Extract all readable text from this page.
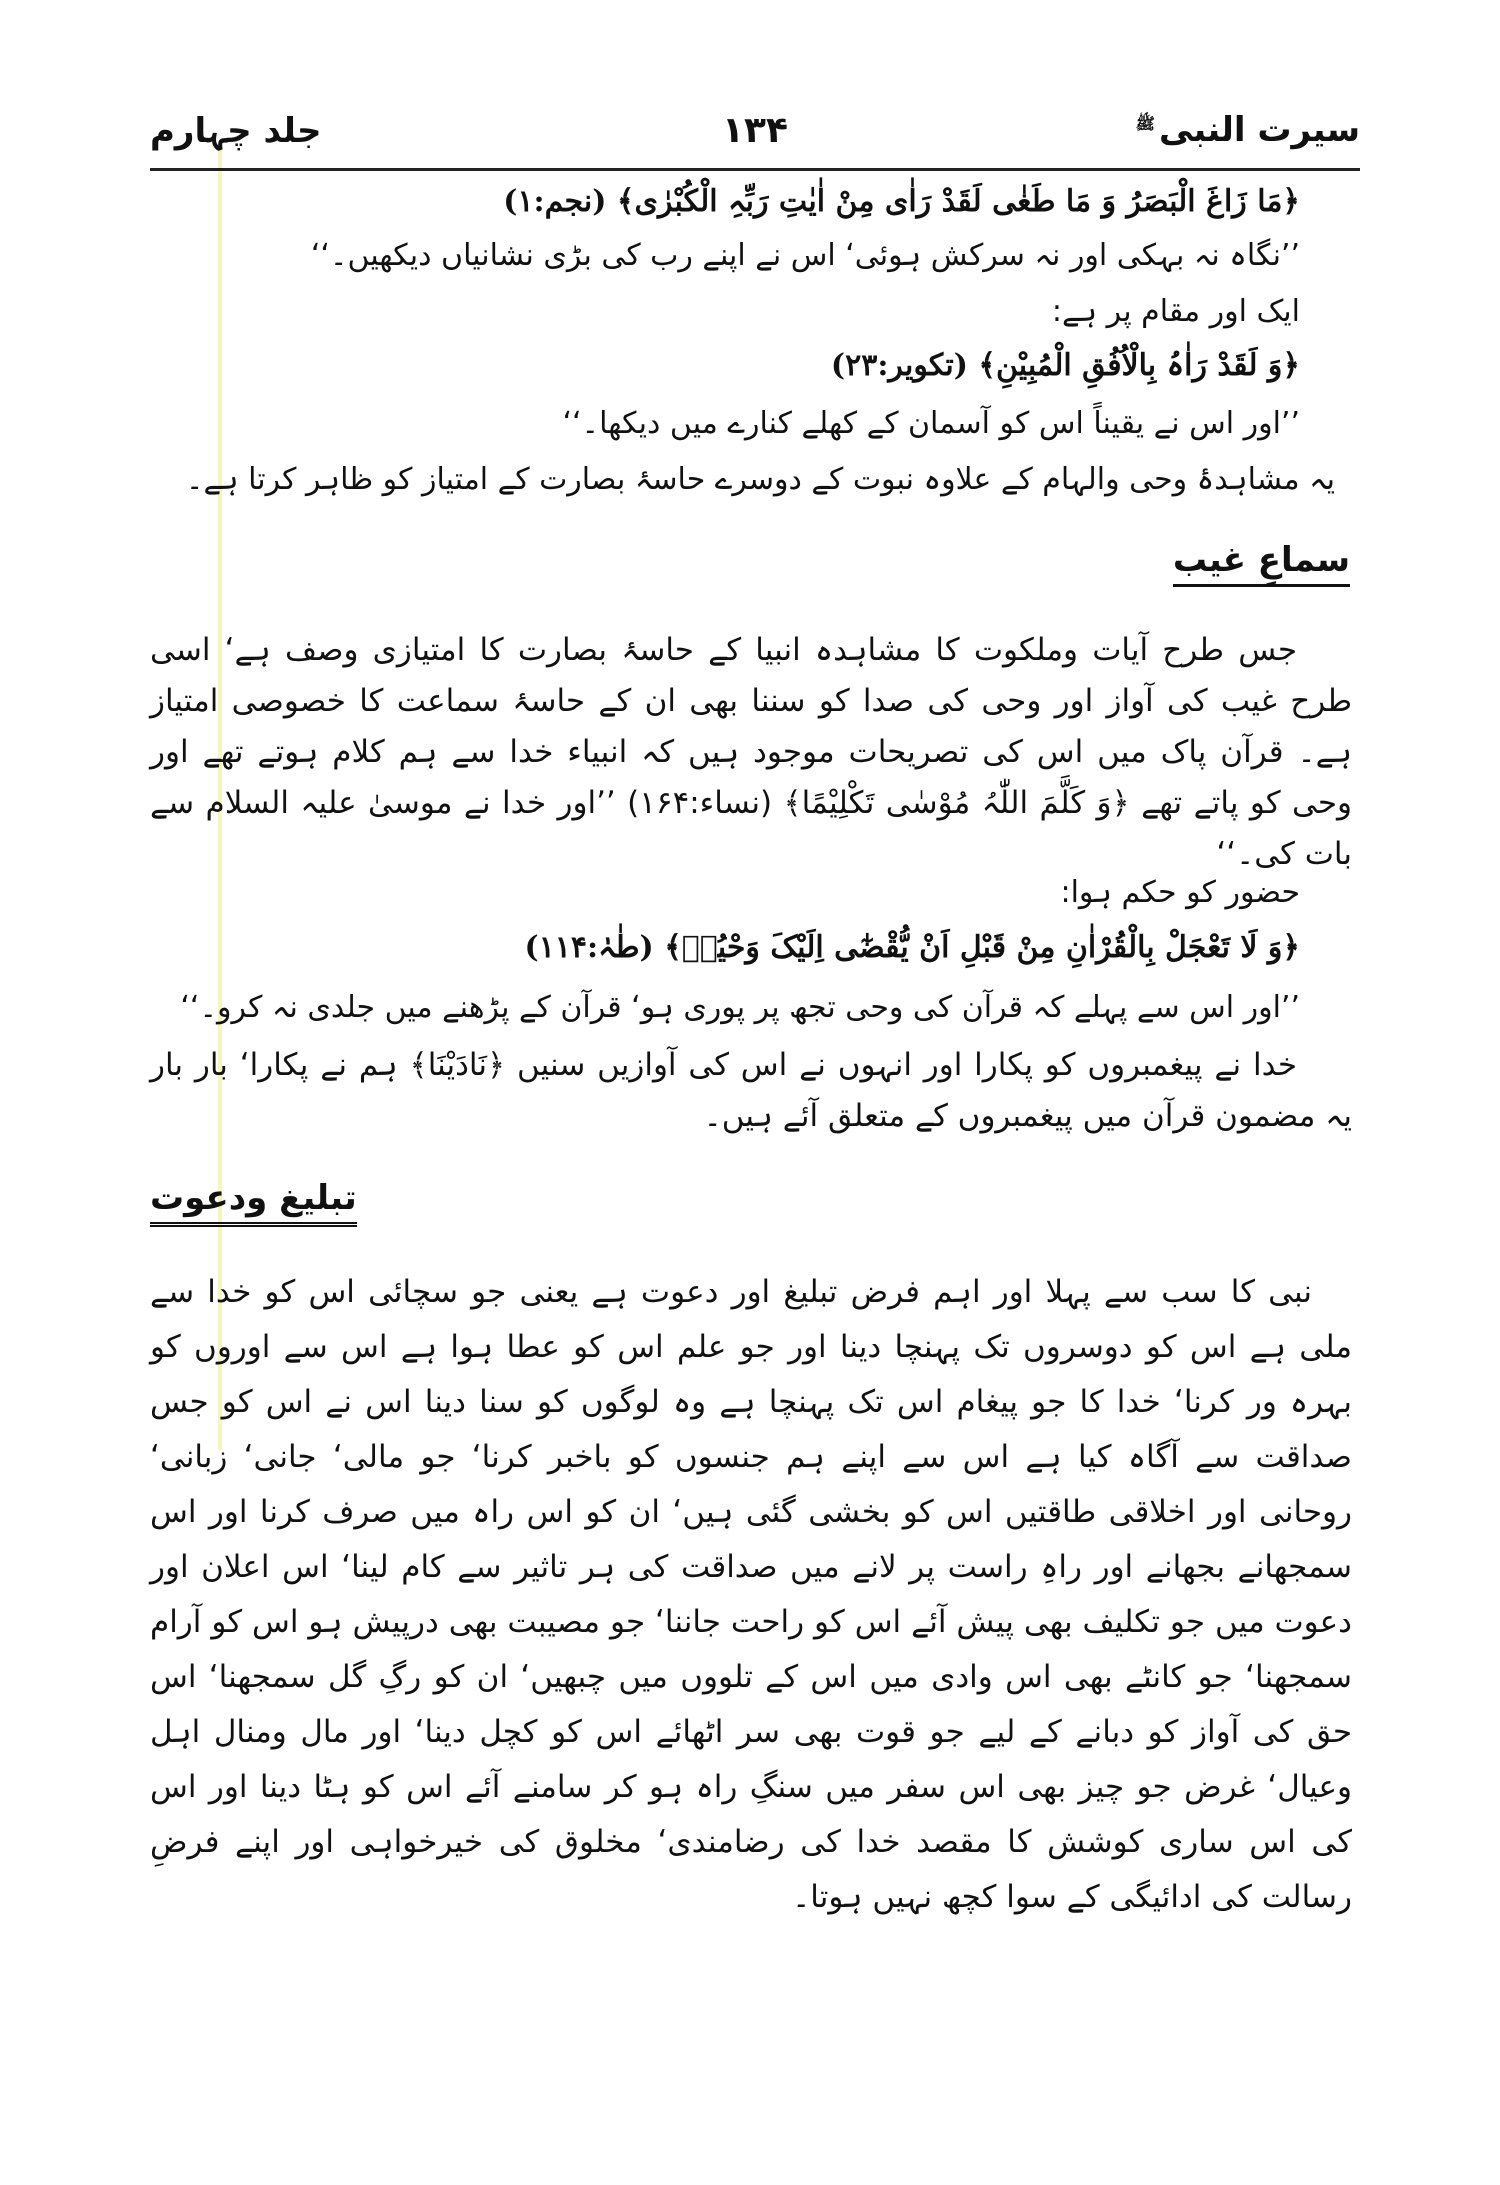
سیرت النبی$^ﷺ$
۱۳۴
جلد چہارم
﴿مَا زَاغَ الْبَصَرُ وَ مَا طَغٰی لَقَدْ رَاٰی مِنْ اٰیٰتِ رَبِّہِ الْکُبْرٰی﴾ (نجم:۱)
’’نگاہ نہ بہکی اور نہ سرکش ہوئی‘ اس نے اپنے رب کی بڑی نشانیاں دیکھیں۔‘‘
ایک اور مقام پر ہے:
﴿وَ لَقَدْ رَاٰہُ بِالْاُفُقِ الْمُبِیْنِ﴾ (تکویر:۲۳)
’’اور اس نے یقیناً اس کو آسمان کے کھلے کنارے میں دیکھا۔‘‘
یہ مشاہدۂ وحی والہام کے علاوہ نبوت کے دوسرے حاسۂ بصارت کے امتیاز کو ظاہر کرتا ہے۔
سماعِ غیب
جس طرح آیات وملکوت کا مشاہدہ انبیا کے حاسۂ بصارت کا امتیازی وصف ہے‘ اسی طرح غیب کی آواز اور وحی کی صدا کو سننا بھی ان کے حاسۂ سماعت کا خصوصی امتیاز ہے۔ قرآن پاک میں اس کی تصریحات موجود ہیں کہ انبیاء خدا سے ہم کلام ہوتے تھے اور وحی کو پاتے تھے ﴿وَ کَلَّمَ اللّٰہُ مُوْسٰی تَکْلِیْمًا﴾ (نساء:۱۶۴) ’’اور خدا نے موسیٰ علیہ السلام سے بات کی۔‘‘
حضور کو حکم ہوا:
﴿وَ لَا تَعْجَلْ بِالْقُرْاٰنِ مِنْ قَبْلِ اَنْ یُّقْضٰٓی اِلَیْکَ وَحْیُہٗ﴾ (طٰہٰ:۱۱۴)
’’اور اس سے پہلے کہ قرآن کی وحی تجھ پر پوری ہو‘ قرآن کے پڑھنے میں جلدی نہ کرو۔‘‘
خدا نے پیغمبروں کو پکارا اور انہوں نے اس کی آوازیں سنیں ﴿نَادَیْنَا﴾ ہم نے پکارا‘ بار بار یہ مضمون قرآن میں پیغمبروں کے متعلق آئے ہیں۔
تبلیغ ودعوت
نبی کا سب سے پہلا اور اہم فرض تبلیغ اور دعوت ہے یعنی جو سچائی اس کو خدا سے ملی ہے اس کو دوسروں تک پہنچا دینا اور جو علم اس کو عطا ہوا ہے اس سے اوروں کو بہرہ ور کرنا‘ خدا کا جو پیغام اس تک پہنچا ہے وہ لوگوں کو سنا دینا اس نے اس کو جس صداقت سے آگاہ کیا ہے اس سے اپنے ہم جنسوں کو باخبر کرنا‘ جو مالی‘ جانی‘ زبانی‘ روحانی اور اخلاقی طاقتیں اس کو بخشی گئی ہیں‘ ان کو اس راہ میں صرف کرنا اور اس سمجھانے بجھانے اور راہِ راست پر لانے میں صداقت کی ہر تاثیر سے کام لینا‘ اس اعلان اور دعوت میں جو تکلیف بھی پیش آئے اس کو راحت جاننا‘ جو مصیبت بھی درپیش ہو اس کو آرام سمجھنا‘ جو کانٹے بھی اس وادی میں اس کے تلووں میں چبھیں‘ ان کو رگِ گل سمجھنا‘ اس حق کی آواز کو دبانے کے لیے جو قوت بھی سر اٹھائے اس کو کچل دینا‘ اور مال ومنال اہل وعیال‘ غرض جو چیز بھی اس سفر میں سنگِ راہ ہو کر سامنے آئے اس کو ہٹا دینا اور اس کی اس ساری کوشش کا مقصد خدا کی رضامندی‘ مخلوق کی خیرخواہی اور اپنے فرضِ رسالت کی ادائیگی کے سوا کچھ نہیں ہوتا۔
